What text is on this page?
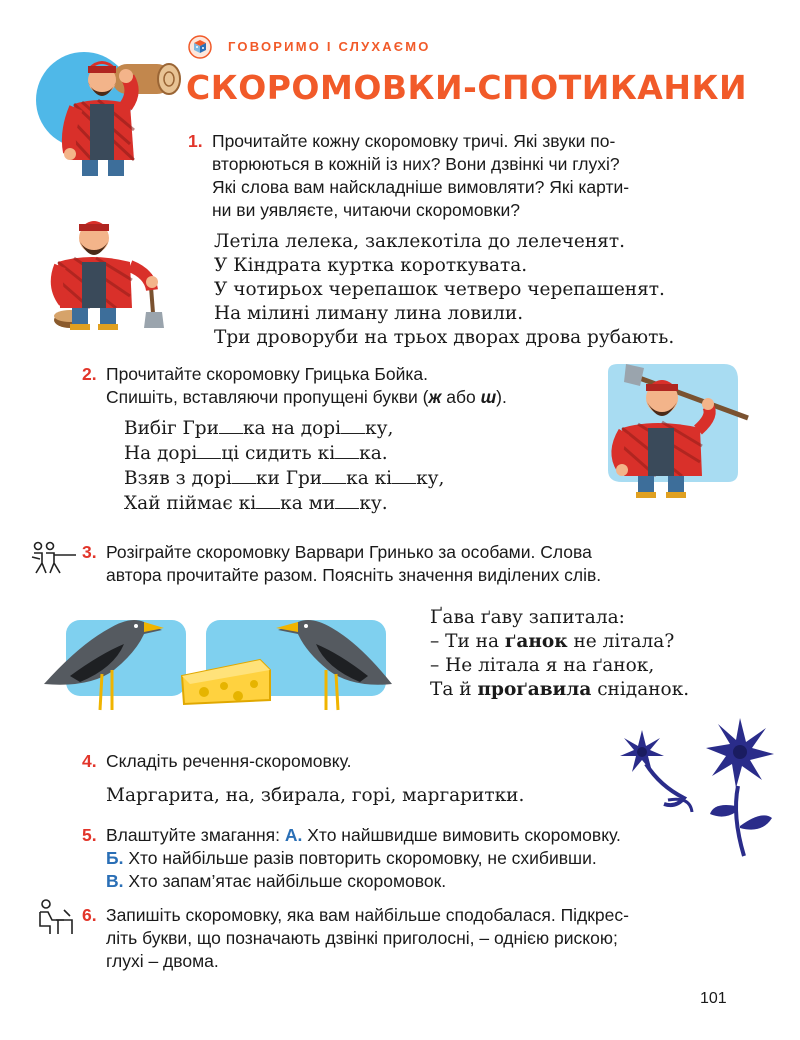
ГОВОРИМО І СЛУХАЄМО
СКОРОМОВКИ-СПОТИКАНКИ
1. Прочитайте кожну скоромовку тричі. Які звуки по-
вторюються в кожній із них? Вони дзвінкі чи глухі?
Які слова вам найскладніше вимовляти? Які карти-
ни ви уявляєте, читаючи скоромовки?
Летіла лелека, заклекотіла до лелеченят.
У Кіндрата куртка короткувата.
У чотирьох черепашок четверо черепашенят.
На мілині лиману лина ловили.
Три дроворуби на трьох дворах дрова рубають.
2. Прочитайте скоромовку Грицька Бойка.
Спишіть, вставляючи пропущені букви (ж або ш).
Вибіг Гри ка на дорі ку,
На дорі ці сидить кі ка.
Взяв з дорі ки Гри ка кі ку,
Хай піймає кі ка ми ку.
3. Розіграйте скоромовку Варвари Гринько за особами. Слова
автора прочитайте разом. Поясніть значення виділених слів.
Ґава ґаву запитала:
– Ти на ґанок не літала?
– Не літала я на ґанок,
Та й проґавила сніданок.
4. Складіть речення-скоромовку.
Маргарита, на, збирала, горі, маргаритки.
5. Влаштуйте змагання: А. Хто найшвидше вимовить скоромовку.
Б. Хто найбільше разів повторить скоромовку, не схибивши.
В. Хто запам’ятає найбільше скоромовок.
6. Запишіть скоромовку, яка вам найбільше сподобалася. Підкрес-
літь букви, що позначають дзвінкі приголосні, – однією рискою;
глухі – двома.
101
